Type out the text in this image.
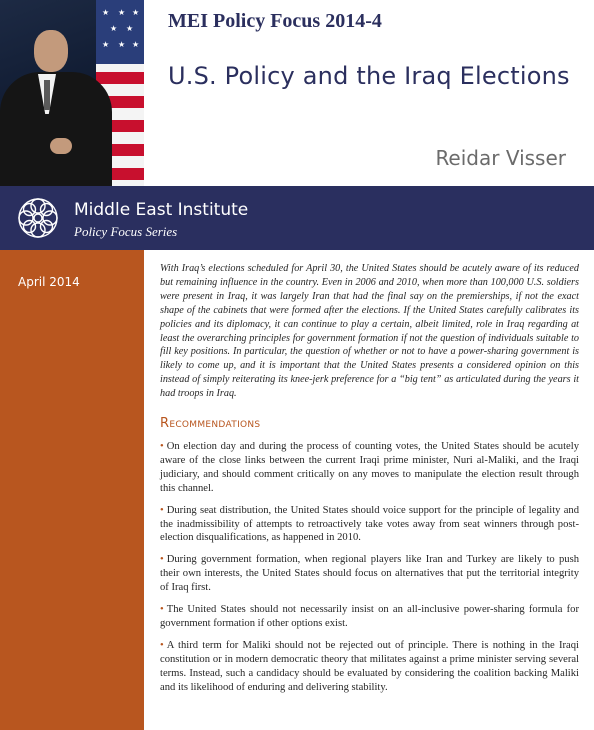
★ ★ ★
★ ★
★ ★ ★
MEI Policy Focus 2014-4
U.S. Policy and the Iraq Elections
Reidar Visser
Middle East Institute
Policy Focus Series
April 2014

With Iraq’s elections scheduled for April 30, the United States should be acutely aware of its reduced but remaining influence in the country. Even in 2006 and 2010, when more than 100,000 U.S. soldiers were present in Iraq, it was largely Iran that had the final say on the premierships, if not the exact shape of the cabinets that were formed after the elections. If the United States carefully calibrates its policies and its diplomacy, it can continue to play a certain, albeit limited, role in Iraq regarding at least the overarching principles for government formation if not the question of individuals suitable to fill key positions. In particular, the question of whether or not to have a power-sharing government is likely to come up, and it is important that the United States presents a considered opinion on this instead of simply reiterating its knee-jerk preference for a “big tent” as articulated during the years it had troops in Iraq.

Recommendations
• On election day and during the process of counting votes, the United States should be acutely aware of the close links between the current Iraqi prime minister, Nuri al-Maliki, and the Iraqi judiciary, and should comment critically on any moves to manipulate the election result through this channel.
• During seat distribution, the United States should voice support for the principle of legality and the inadmissibility of attempts to retroactively take votes away from seat winners through post-election disqualifications, as happened in 2010.
• During government formation, when regional players like Iran and Turkey are likely to push their own interests, the United States should focus on alternatives that put the territorial integrity of Iraq first.
• The United States should not necessarily insist on an all-inclusive power-sharing formula for government formation if other options exist.
• A third term for Maliki should not be rejected out of principle. There is nothing in the Iraqi constitution or in modern democratic theory that militates against a prime minister serving several terms. Instead, such a candidacy should be evaluated by considering the coalition backing Maliki and its likelihood of enduring and delivering stability.
